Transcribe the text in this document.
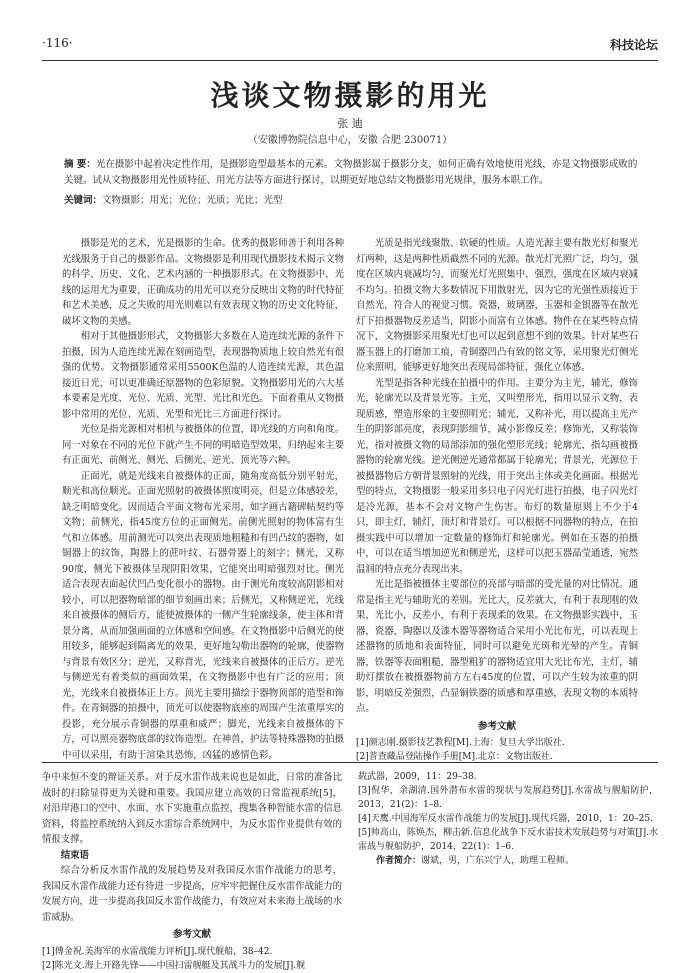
·116·	科技论坛
浅谈文物摄影的用光
张 迪
（安徽博物院信息中心，安徽 合肥 230071）
摘 要：光在摄影中起着决定性作用，是摄影造型最基本的元素。文物摄影属于摄影分支，如何正确有效地使用光线，亦是文物摄影成败的关键。试从文物摄影用光性质特征、用光方法等方面进行探讨，以期更好地总结文物摄影用光规律，服务本职工作。
关键词：文物摄影；用光；光位；光质；光比；光型

摄影是光的艺术，光是摄影的生命。优秀的摄影师善于利用各种光线服务于自己的摄影作品。文物摄影是利用现代摄影技术揭示文物的科学、历史、文化、艺术内涵的一种摄影形式。在文物摄影中，光线的运用尤为重要，正确成功的用光可以充分反映出文物的时代特征和艺术美感，反之失败的用光则难以有效表现文物的历史文化特征，破坏文物的美感。

相对于其他摄影形式，文物摄影大多数在人造连续光源的条件下拍摄，因为人造连续光源在刻画造型，表现器物质地上较自然光有很强的优势。文物摄影通常采用5500K色温的人造连续光源，其色温接近日光，可以更准确还原器物的色彩原貌。文物摄影用光的六大基本要素是光度、光位、光质、光型、光比和光色。下面着重从文物摄影中常用的光位、光质、光型和光比三方面进行探讨。

光位是指光源相对相机与被摄体的位置，即光线的方向和角度。同一对象在不同的光位下就产生不同的明暗造型效果，归纳起来主要有正面光、前侧光、侧光、后侧光、逆光、顶光等六种。

正面光，就是光线来自被摄体的正面，随角度高低分别平射光，顺光和高位顺光。正面光照射的被摄体照度明亮，但是立体感较差，缺乏明暗变化。因而适合平面文物布光采用，如字画古籍碑帖契约等文物；前侧光，指45度方位的正面侧光。前侧光照射的物体富有生气和立体感。用前测光可以突出表现质地粗糙和有凹凸纹的器物，如铜器上的纹饰，陶器上的蔗叶纹、石器骨器上的刻字；侧光，又称90度，侧光下被摄体呈现阴阳效果，它能突出明暗强烈对比。侧光适合表现表面起伏凹凸变化很小的器物。由于测光角度较高阴影相对较小，可以把器物暗部的细节刻画出来；后侧光，又称侧逆光，光线来自被摄体的侧后方，能使被摄体的一侧产生轮廓线条，使主体和背景分离，从而加强画面的立体感和空间感。在文物摄影中后侧光的使用较多，能够起到隔离光的效果，更好地勾勒出器物的轮廓，使器物与背景有效区分；逆光，又称背光，光线来自被摄体的正后方。逆光与侧逆光有着类似的画面效果，在文物摄影中也有广泛的应用；顶光，光线来自被摄体正上方。顶光主要用描绘于器物顶部的造型和饰件。在青铜器的拍摄中，顶光可以使器物底座的周围产生浓重厚实的投影，充分展示青铜器的厚重和威严；脚光，光线来自被摄体的下方，可以照亮器物底部的纹饰造型。在神兽，护法等特殊器物的拍摄中可以采用，有助于渲染其恐怖，凶猛的感情色彩。

光质是指光线聚散、软硬的性质。人造光源主要有散光灯和聚光灯两种，这是两种性质截然不同的光源。散光灯光照广泛，均匀，强度在区域内衰减均匀，而聚光灯光照集中，强烈，强度在区域内衰减不均匀。拍摄文物大多数情况下用散射光，因为它的光强性质接近于自然光，符合人的视觉习惯。瓷器，玻璃器，玉器和金银器等在散光灯下拍摄器物反差适当，阴影小而富有立体感。物件在在某些特点情况下，文物摄影采用聚光灯也可以起到意想不到的效果。针对某些石器玉器上的打磨加工痕，青铜器凹凸有致的铭文等，采用聚光灯侧光位来照明，能够更好地突出表现局部特征，强化立体感。

光型是指各种光线在拍摄中的作用。主要分为主光，辅光，修饰光，轮廓光以及背景光等。主光，又叫塑形光，指用以显示文物，表现质感，塑造形象的主要照明光；辅光，又称补光，用以提高主光产生的阴影部亮度，表现阴影细节，减小影像反差；修饰光，又称装饰光，指对被摄文物的局部添加的强化塑形光线；轮廓光，指勾画被摄器物的轮廓光线。逆光侧逆光通常都属于轮廓光；背景光，光源位于被摄器物后方朝背景照射的光线，用于突出主体或美化画面。根据光型的特点，文物摄影一般采用多只电子闪光灯进行拍摄，电子闪光灯是冷光源，基本不会对文物产生伤害。布灯的数量原则上不少于4只，即主灯，辅灯，顶灯和背景灯。可以根据不同器物的特点，在拍摄实践中可以增加一定数量的修饰灯和轮廓光。例如在玉器的拍摄中，可以在适当增加逆光和侧逆光，这样可以把玉器晶莹通透，宛然温润的特点充分表现出来。

光比是指被摄体主要部位的亮部与暗部的受光量的对比情况。通常是指主光与辅助光的差别。光比大，反差就大，有利于表现刚的效果，光比小，反差小，有利于表现柔的效果。在文物摄影实践中，玉器，瓷器，陶器以及漆木器等器物适合采用小光比布光，可以表现上述器物的质地和表面特征，同时可以避免光斑和光晕的产生。青铜器，铁器等表面粗糙，器型粗犷的器物适宜用大光比布光，主灯，辅助灯摆放在被摄器物前方左右45度的位置，可以产生较为浓重的阴影，明暗反差强烈，凸显铜铁器的质感和厚重感，表现文物的本质特点。

参考文献
[1]颜志刚.摄影技艺教程[M].上海：复旦大学出版社.
[2]普查藏品登陆操作手册[M].北京：文物出版社.

争中来恒不变的辩证关系。对于反水雷作战来说也是如此，日常的准备比战时的扫除显得更为关键和重要。我国应建立高效的日常监视系统[5]，对沿岸港口的空中、水面、水下实施重点监控，搜集各种智能水雷的信息资料，将监控系统纳入到反水雷综合系统网中，为反水雷作业提供有效的情报支撑。

结束语

综合分析反水雷作战的发展趋势及对我国反水雷作战能力的思考，我国反水雷作战能力还有待进一步提高，应牢牢把握住反水雷作战能力的发展方向，进一步提高我国反水雷作战能力，有效应对未来海上战场的水雷威胁。

参考文献
[1]傅金祝.美海军的水雷战能力评析[J].现代舰船，38–42.
[2]陈光文.海上开路先锋——中国扫雷舰艇及其战斗力的发展[J].舰
载武器，2009，11：29–38.
[3]倪华，余湖清.国外潜布水雷的现状与发展趋势[J].水雷战与舰船防护，2013，21(2)：1–8.
[4]天鹰.中国海军反水雷作战能力的发展[J].现代兵器，2010，1：20–25.
[5]帅高山，陈焕杰，柳击新.信息化战争下反水雷技术发展趋势与对策[J].水雷战与舰船防护，2014，22(1)：1–6.
作者简介：谢斌，男，广东兴宁人，助理工程师。
